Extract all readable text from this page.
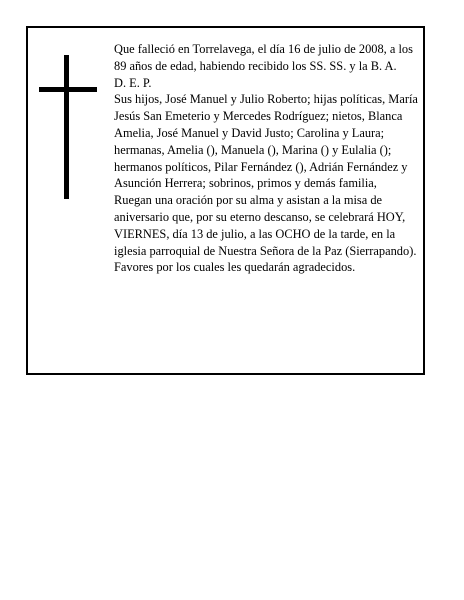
Que falleció en Torrelavega, el día 16 de julio de 2008, a los 89 años de edad, habiendo recibido los SS. SS. y la B. A.

D. E. P.

Sus hijos, José Manuel y Julio Roberto; hijas políticas, María Jesús San Emeterio y Mercedes Rodríguez; nietos, Blanca Amelia, José Manuel y David Justo; Carolina y Laura; hermanas, Amelia (), Manuela (), Marina () y Eulalia (); hermanos políticos, Pilar Fernández (), Adrián Fernández y Asunción Herrera; sobrinos, primos y demás familia,

Ruegan una oración por su alma y asistan a la misa de aniversario que, por su eterno descanso, se celebrará HOY, VIERNES, día 13 de julio, a las OCHO de la tarde, en la iglesia parroquial de Nuestra Señora de la Paz (Sierrapando). Favores por los cuales les quedarán agradecidos.
